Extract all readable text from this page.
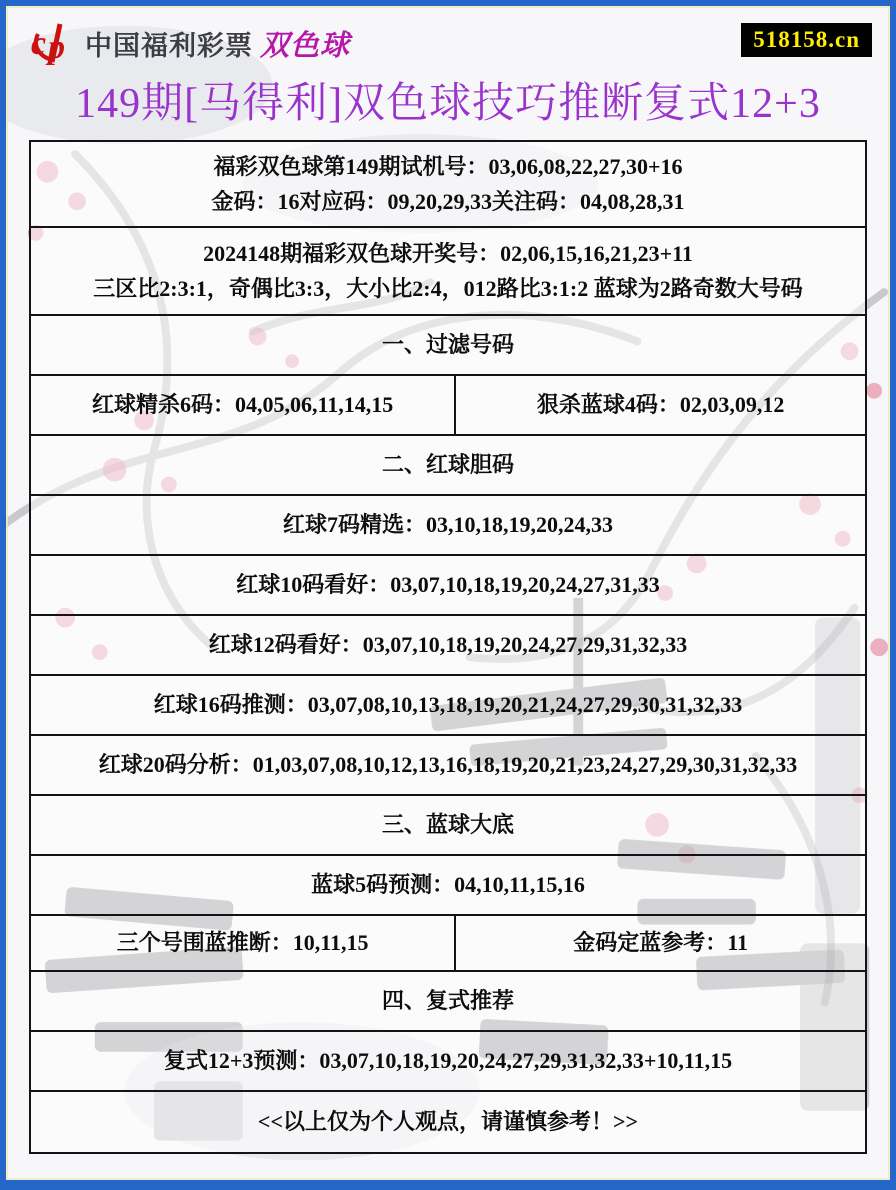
c p 中国福利彩票 双色球	518158.cn
149期[马得利]双色球技巧推断复式12+3
福彩双色球第149期试机号：03,06,08,22,27,30+16
金码：16对应码：09,20,29,33关注码：04,08,28,31
2024148期福彩双色球开奖号：02,06,15,16,21,23+11
三区比2:3:1，奇偶比3:3，大小比2:4，012路比3:1:2 蓝球为2路奇数大号码
一、过滤号码
红球精杀6码：04,05,06,11,14,15	狠杀蓝球4码：02,03,09,12
二、红球胆码
红球7码精选：03,10,18,19,20,24,33
红球10码看好：03,07,10,18,19,20,24,27,31,33
红球12码看好：03,07,10,18,19,20,24,27,29,31,32,33
红球16码推测：03,07,08,10,13,18,19,20,21,24,27,29,30,31,32,33
红球20码分析：01,03,07,08,10,12,13,16,18,19,20,21,23,24,27,29,30,31,32,33
三、蓝球大底
蓝球5码预测：04,10,11,15,16
三个号围蓝推断：10,11,15	金码定蓝参考：11
四、复式推荐
复式12+3预测：03,07,10,18,19,20,24,27,29,31,32,33+10,11,15
<<以上仅为个人观点，请谨慎参考！>>
